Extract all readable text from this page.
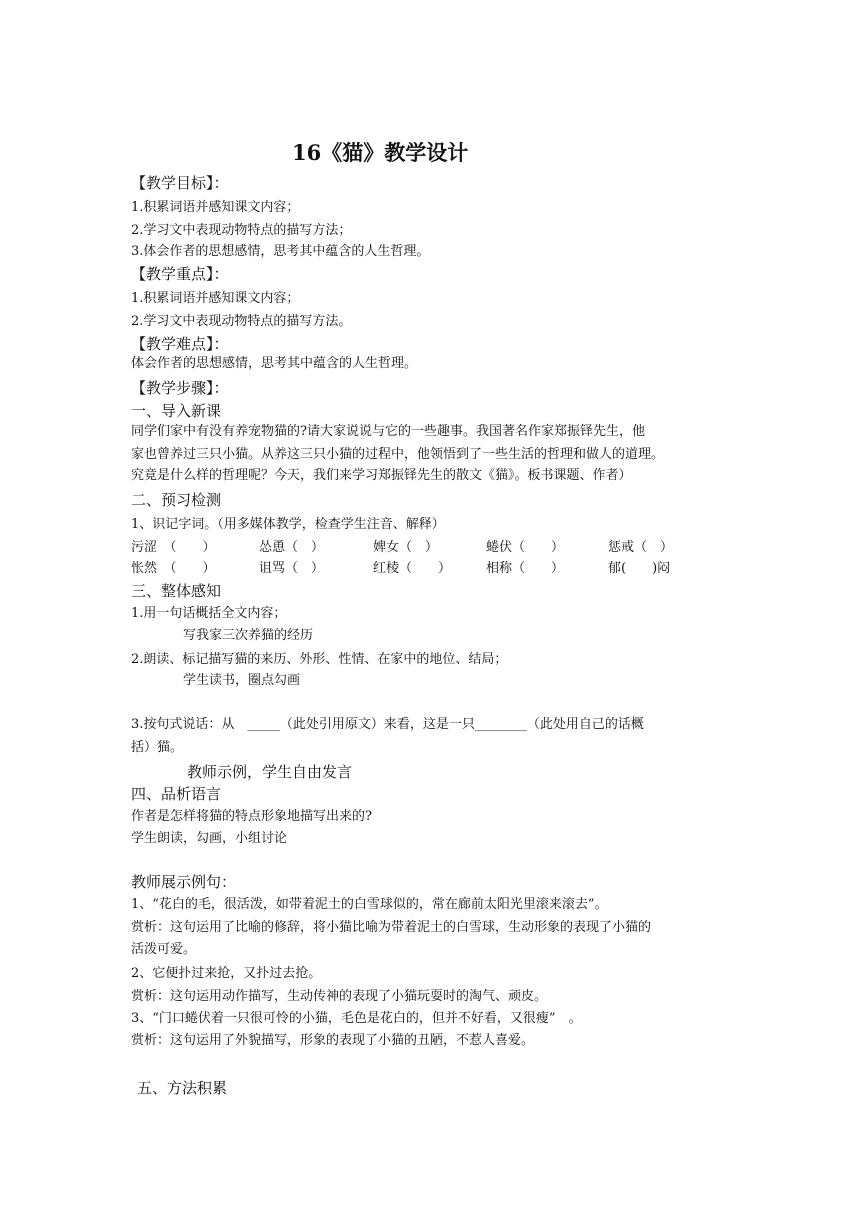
16《猫》教学设计
【教学目标】：
1.积累词语并感知课文内容；
2.学习文中表现动物特点的描写方法；
3.体会作者的思想感情，思考其中蕴含的人生哲理。
【教学重点】：
1.积累词语并感知课文内容；
2.学习文中表现动物特点的描写方法。
【教学难点】：
体会作者的思想感情，思考其中蕴含的人生哲理。
【教学步骤】：
一、导入新课
同学们家中有没有养宠物猫的?请大家说说与它的一些趣事。我国著名作家郑振铎先生，他
家也曾养过三只小猫。从养这三只小猫的过程中，他领悟到了一些生活的哲理和做人的道理。
究竟是什么样的哲理呢？今天，我们来学习郑振铎先生的散文《猫》。板书课题、作者）
二、预习检测
1、识记字词。（用多媒体教学，检查学生注音、解释）
三、整体感知
1.用一句话概括全文内容；
写我家三次养猫的经历
2.朗读、标记描写猫的来历、外形、性情、在家中的地位、结局；
学生读书，圈点勾画
3.按句式说话：从　_____（此处引用原文）来看，这是一只________（此处用自己的话概
括）猫。
教师示例，学生自由发言
四、品析语言
作者是怎样将猫的特点形象地描写出来的?
学生朗读，勾画，小组讨论
教师展示例句：
1、“花白的毛，很活泼，如带着泥土的白雪球似的，常在廊前太阳光里滚来滚去”。
赏析：这句运用了比喻的修辞，将小猫比喻为带着泥土的白雪球，生动形象的表现了小猫的
活泼可爱。
2、它便扑过来抢，又扑过去抢。
赏析：这句运用动作描写，生动传神的表现了小猫玩耍时的淘气、顽皮。
3、“门口蜷伏着一只很可怜的小猫，毛色是花白的，但并不好看，又很瘦”　。
赏析：这句运用了外貌描写，形象的表现了小猫的丑陋，不惹人喜爱。
五、方法积累
污涩　（　　）	怂恿（　）	婢女（　）	蜷伏（　　）	惩戒（　）
怅然　（　　）	诅骂（　）	红棱（　　）	相称（　　）	郁(　　)闷
